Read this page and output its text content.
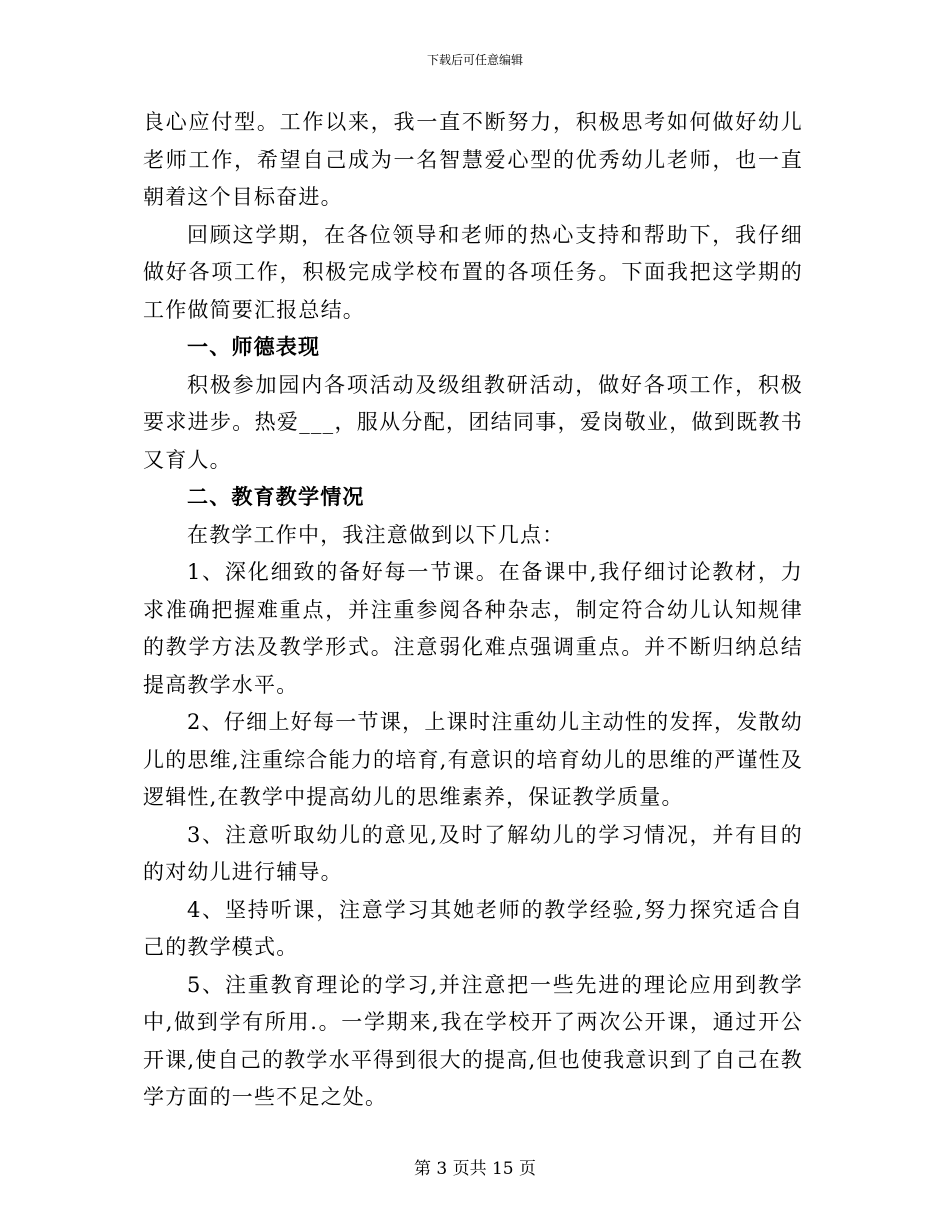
下载后可任意编辑

良心应付型。工作以来，我一直不断努力，积极思考如何做好幼儿老师工作，希望自己成为一名智慧爱心型的优秀幼儿老师，也一直朝着这个目标奋进。

回顾这学期，在各位领导和老师的热心支持和帮助下，我仔细做好各项工作，积极完成学校布置的各项任务。下面我把这学期的工作做简要汇报总结。

一、师德表现

积极参加园内各项活动及级组教研活动，做好各项工作，积极要求进步。热爱___，服从分配，团结同事，爱岗敬业，做到既教书又育人。

二、教育教学情况

在教学工作中，我注意做到以下几点：

1、深化细致的备好每一节课。在备课中,我仔细讨论教材，力求准确把握难重点，并注重参阅各种杂志，制定符合幼儿认知规律的教学方法及教学形式。注意弱化难点强调重点。并不断归纳总结提高教学水平。

2、仔细上好每一节课，上课时注重幼儿主动性的发挥，发散幼儿的思维,注重综合能力的培育,有意识的培育幼儿的思维的严谨性及逻辑性,在教学中提高幼儿的思维素养，保证教学质量。

3、注意听取幼儿的意见,及时了解幼儿的学习情况，并有目的的对幼儿进行辅导。

4、坚持听课，注意学习其她老师的教学经验,努力探究适合自己的教学模式。

5、注重教育理论的学习,并注意把一些先进的理论应用到教学中,做到学有所用.。一学期来,我在学校开了两次公开课，通过开公开课,使自己的教学水平得到很大的提高,但也使我意识到了自己在教学方面的一些不足之处。

第 3 页共 15 页
